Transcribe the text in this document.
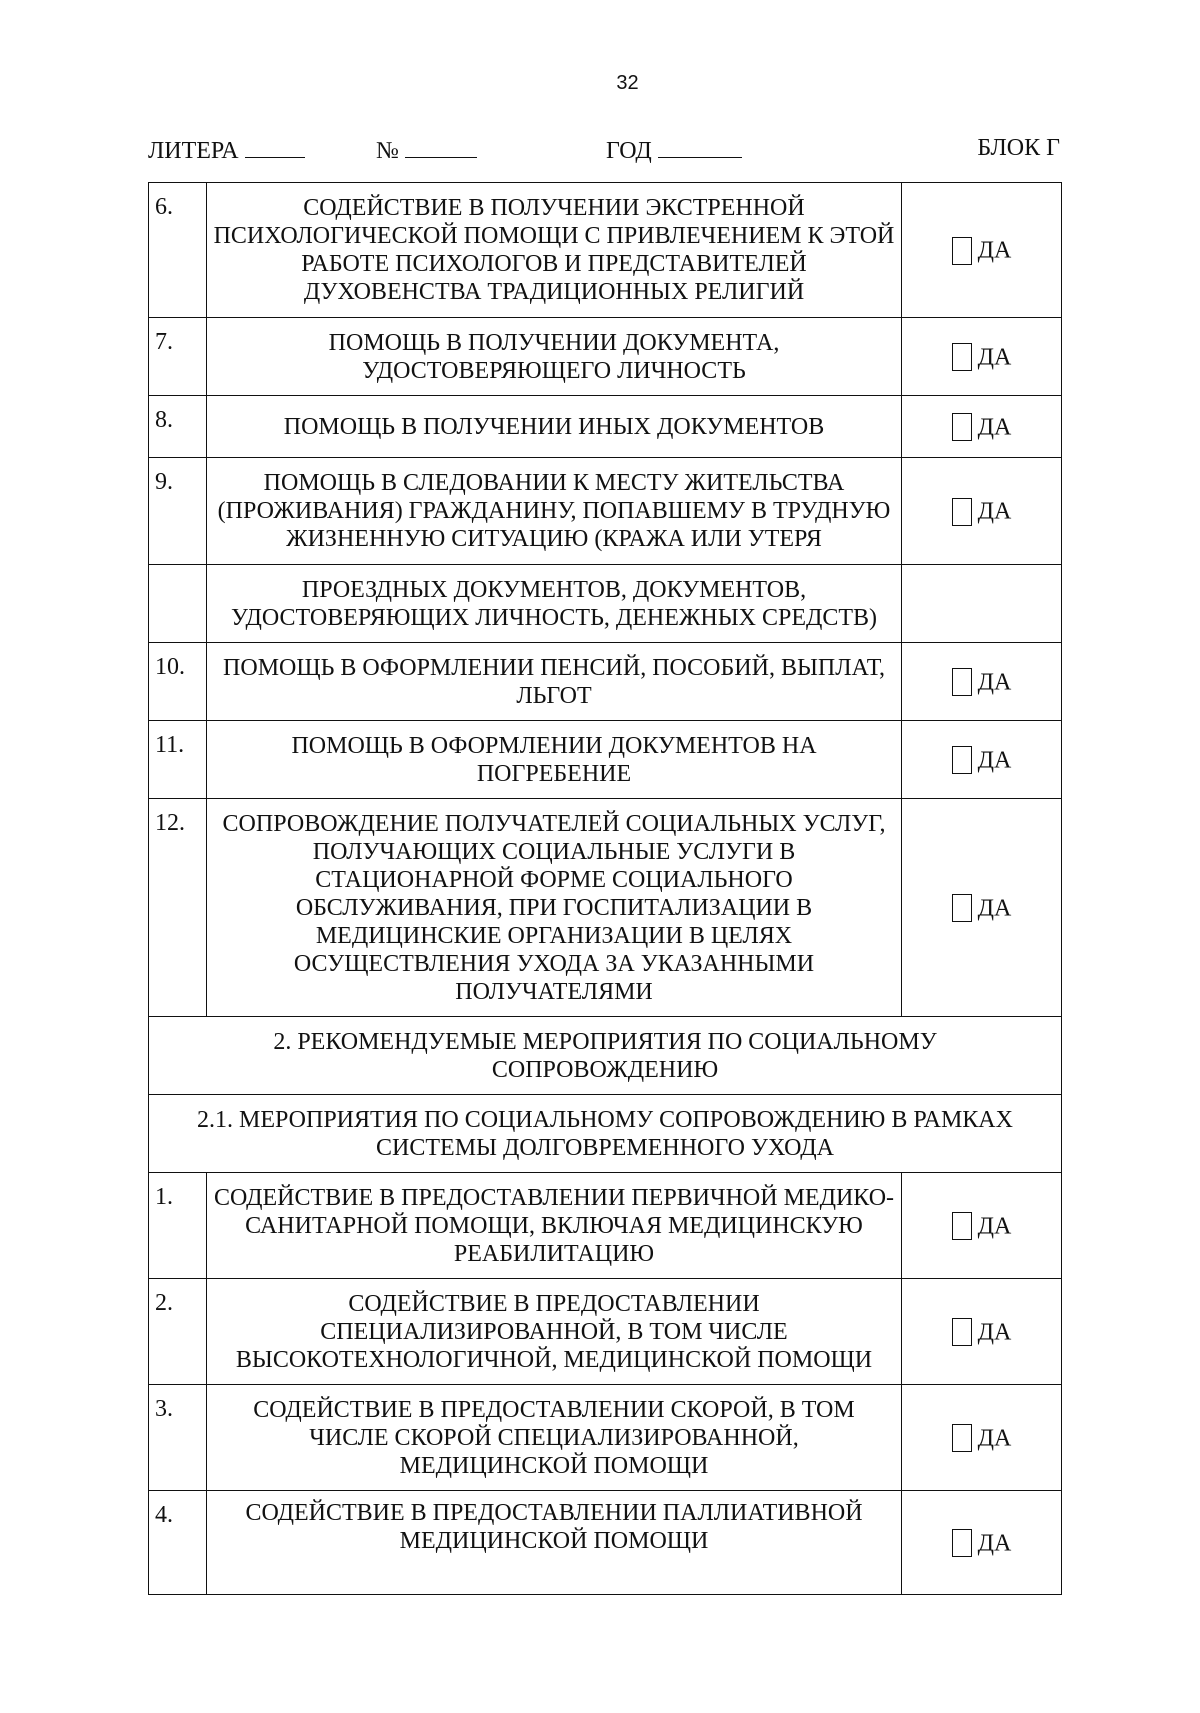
32
ЛИТЕРА	№	ГОД	БЛОК Г
6.	СОДЕЙСТВИЕ В ПОЛУЧЕНИИ ЭКСТРЕННОЙ ПСИХОЛОГИЧЕСКОЙ ПОМОЩИ С ПРИВЛЕЧЕНИЕМ К ЭТОЙ РАБОТЕ ПСИХОЛОГОВ И ПРЕДСТАВИТЕЛЕЙ ДУХОВЕНСТВА ТРАДИЦИОННЫХ РЕЛИГИЙ	ДА
7.	ПОМОЩЬ В ПОЛУЧЕНИИ ДОКУМЕНТА, УДОСТОВЕРЯЮЩЕГО ЛИЧНОСТЬ	ДА
8.	ПОМОЩЬ В ПОЛУЧЕНИИ ИНЫХ ДОКУМЕНТОВ	ДА
9.	ПОМОЩЬ В СЛЕДОВАНИИ К МЕСТУ ЖИТЕЛЬСТВА (ПРОЖИВАНИЯ) ГРАЖДАНИНУ, ПОПАВШЕМУ В ТРУДНУЮ ЖИЗНЕННУЮ СИТУАЦИЮ (КРАЖА ИЛИ УТЕРЯ	ДА
	ПРОЕЗДНЫХ ДОКУМЕНТОВ, ДОКУМЕНТОВ, УДОСТОВЕРЯЮЩИХ ЛИЧНОСТЬ, ДЕНЕЖНЫХ СРЕДСТВ)	
10.	ПОМОЩЬ В ОФОРМЛЕНИИ ПЕНСИЙ, ПОСОБИЙ, ВЫПЛАТ, ЛЬГОТ	ДА
11.	ПОМОЩЬ В ОФОРМЛЕНИИ ДОКУМЕНТОВ НА ПОГРЕБЕНИЕ	ДА
12.	СОПРОВОЖДЕНИЕ ПОЛУЧАТЕЛЕЙ СОЦИАЛЬНЫХ УСЛУГ, ПОЛУЧАЮЩИХ СОЦИАЛЬНЫЕ УСЛУГИ В СТАЦИОНАРНОЙ ФОРМЕ СОЦИАЛЬНОГО ОБСЛУЖИВАНИЯ, ПРИ ГОСПИТАЛИЗАЦИИ В МЕДИЦИНСКИЕ ОРГАНИЗАЦИИ В ЦЕЛЯХ ОСУЩЕСТВЛЕНИЯ УХОДА ЗА УКАЗАННЫМИ ПОЛУЧАТЕЛЯМИ	ДА
2. РЕКОМЕНДУЕМЫЕ МЕРОПРИЯТИЯ ПО СОЦИАЛЬНОМУ СОПРОВОЖДЕНИЮ		
2.1. МЕРОПРИЯТИЯ ПО СОЦИАЛЬНОМУ СОПРОВОЖДЕНИЮ В РАМКАХ СИСТЕМЫ ДОЛГОВРЕМЕННОГО УХОДА		
1.	СОДЕЙСТВИЕ В ПРЕДОСТАВЛЕНИИ ПЕРВИЧНОЙ МЕДИКО-САНИТАРНОЙ ПОМОЩИ, ВКЛЮЧАЯ МЕДИЦИНСКУЮ РЕАБИЛИТАЦИЮ	ДА
2.	СОДЕЙСТВИЕ В ПРЕДОСТАВЛЕНИИ СПЕЦИАЛИЗИРОВАННОЙ, В ТОМ ЧИСЛЕ ВЫСОКОТЕХНОЛОГИЧНОЙ, МЕДИЦИНСКОЙ ПОМОЩИ	ДА
3.	СОДЕЙСТВИЕ В ПРЕДОСТАВЛЕНИИ СКОРОЙ, В ТОМ ЧИСЛЕ СКОРОЙ СПЕЦИАЛИЗИРОВАННОЙ, МЕДИЦИНСКОЙ ПОМОЩИ	ДА
4.	СОДЕЙСТВИЕ В ПРЕДОСТАВЛЕНИИ ПАЛЛИАТИВНОЙ МЕДИЦИНСКОЙ ПОМОЩИ	ДА
